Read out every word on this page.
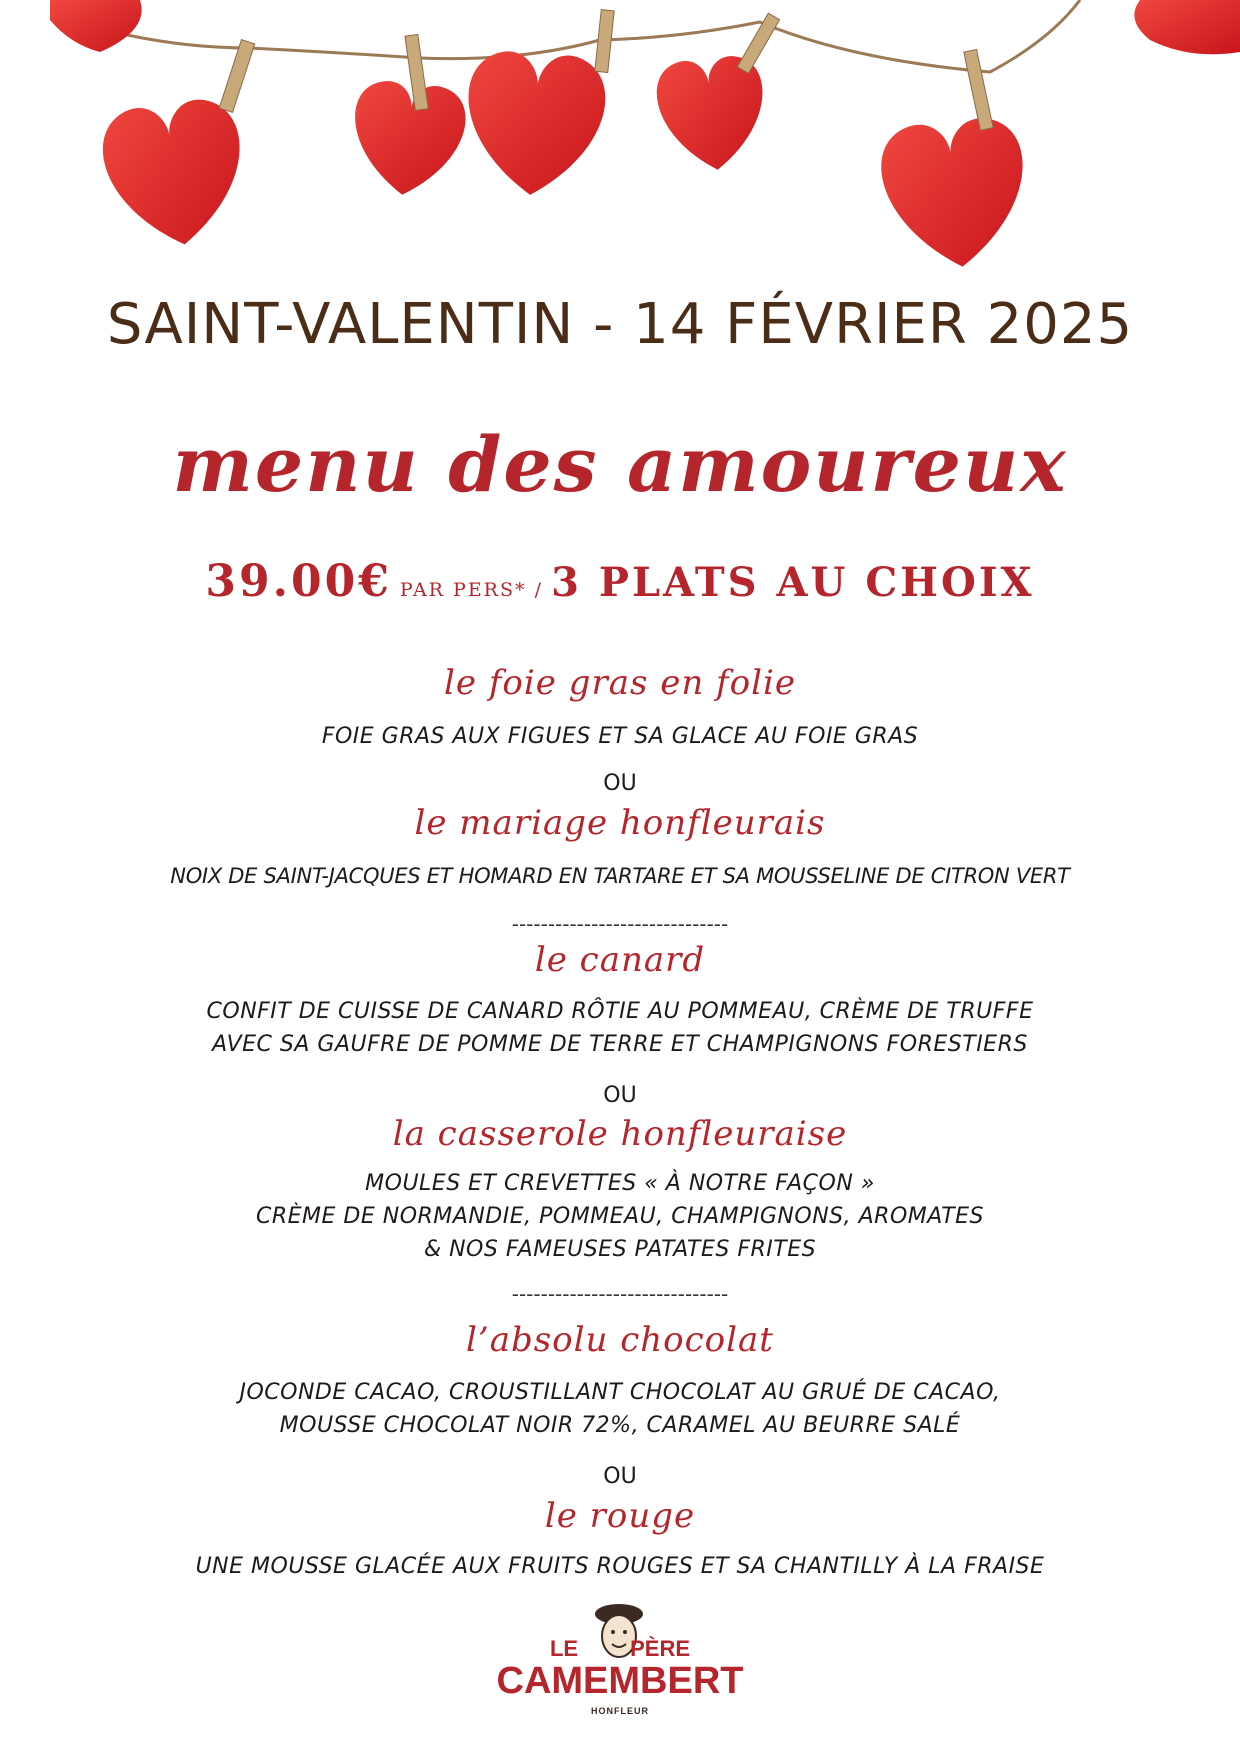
SAINT-VALENTIN - 14 FÉVRIER 2025
menu des amoureux

39.00€ PAR PERS* / 3 PLATS AU CHOIX

le foie gras en folie

FOIE GRAS AUX FIGUES ET SA GLACE AU FOIE GRAS

OU

le mariage honfleurais

NOIX DE SAINT-JACQUES ET HOMARD EN TARTARE ET SA MOUSSELINE DE CITRON VERT

------------------------------

le canard

CONFIT DE CUISSE DE CANARD RÔTIE AU POMMEAU, CRÈME DE TRUFFE

AVEC SA GAUFRE DE POMME DE TERRE ET CHAMPIGNONS FORESTIERS

OU

la casserole honfleuraise

MOULES ET CREVETTES « À NOTRE FAÇON »

CRÈME DE NORMANDIE, POMMEAU, CHAMPIGNONS, AROMATES

& NOS FAMEUSES PATATES FRITES

------------------------------

l’absolu chocolat

JOCONDE CACAO, CROUSTILLANT CHOCOLAT AU GRUÉ DE CACAO,

MOUSSE CHOCOLAT NOIR 72%, CARAMEL AU BEURRE SALÉ

OU

le rouge

UNE MOUSSE GLACÉE AUX FRUITS ROUGES ET SA CHANTILLY À LA FRAISE

LE PÈRE

CAMEMBERT

HONFLEUR
